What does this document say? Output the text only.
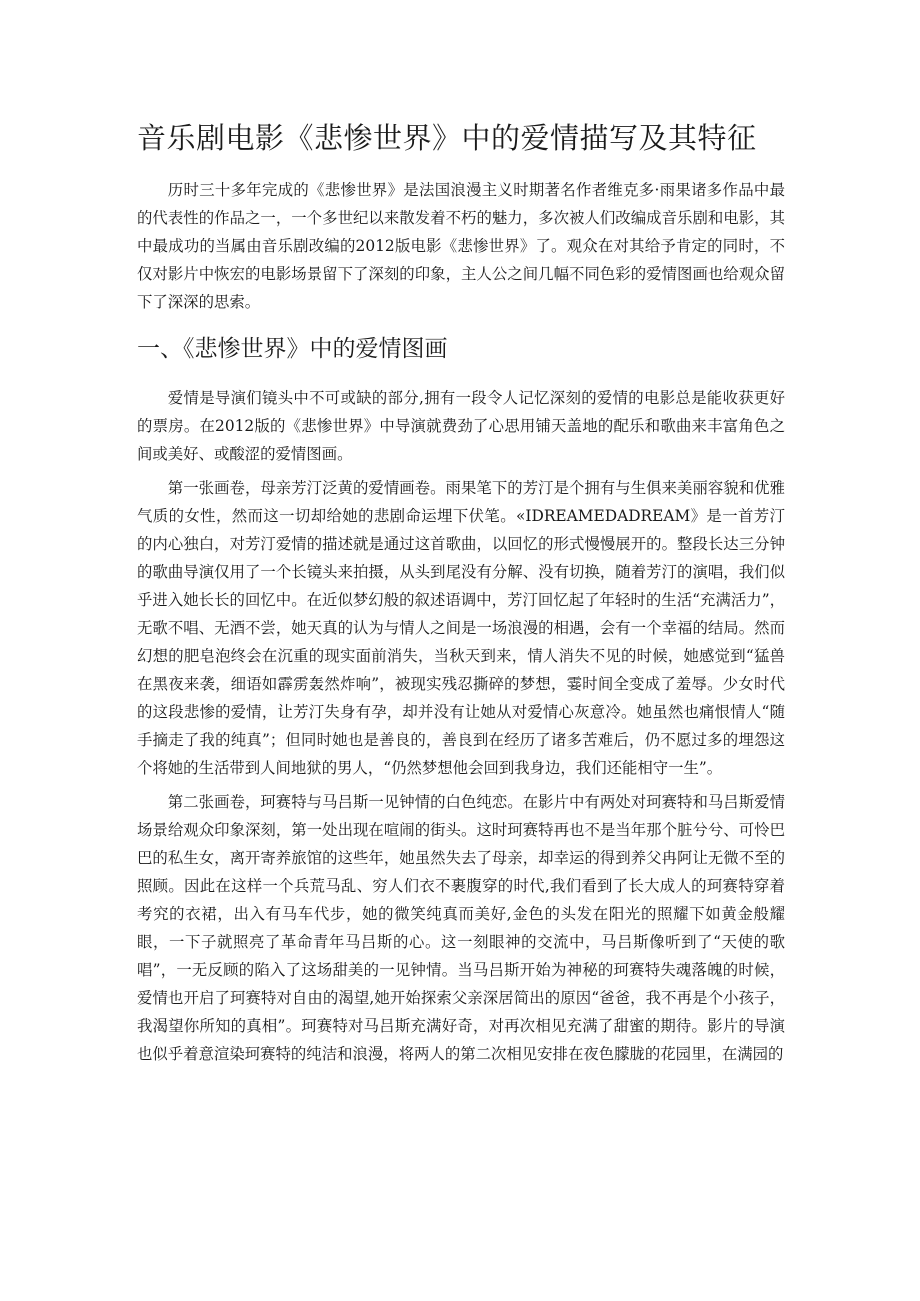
音乐剧电影《悲惨世界》中的爱情描写及其特征

历时三十多年完成的《悲惨世界》是法国浪漫主义时期著名作者维克多·雨果诸多作品中最的代表性的作品之一，一个多世纪以来散发着不朽的魅力，多次被人们改编成音乐剧和电影，其中最成功的当属由音乐剧改编的2012版电影《悲惨世界》了。观众在对其给予肯定的同时，不仅对影片中恢宏的电影场景留下了深刻的印象，主人公之间几幅不同色彩的爱情图画也给观众留下了深深的思索。

一、《悲惨世界》中的爱情图画

爱情是导演们镜头中不可或缺的部分,拥有一段令人记忆深刻的爱情的电影总是能收获更好的票房。在2012版的《悲惨世界》中导演就费劲了心思用铺天盖地的配乐和歌曲来丰富角色之间或美好、或酸涩的爱情图画。

第一张画卷，母亲芳汀泛黄的爱情画卷。雨果笔下的芳汀是个拥有与生俱来美丽容貌和优雅气质的女性，然而这一切却给她的悲剧命运埋下伏笔。«IDREAMEDADREAM》是一首芳汀的内心独白，对芳汀爱情的描述就是通过这首歌曲，以回忆的形式慢慢展开的。整段长达三分钟的歌曲导演仅用了一个长镜头来拍摄，从头到尾没有分解、没有切换，随着芳汀的演唱，我们似乎进入她长长的回忆中。在近似梦幻般的叙述语调中，芳汀回忆起了年轻时的生活“充满活力”，无歌不唱、无酒不尝，她天真的认为与情人之间是一场浪漫的相遇，会有一个幸福的结局。然而幻想的肥皂泡终会在沉重的现实面前消失，当秋天到来，情人消失不见的时候，她感觉到“猛兽在黑夜来袭，细语如霹雳轰然炸响”，被现实残忍撕碎的梦想，霎时间全变成了羞辱。少女时代的这段悲惨的爱情，让芳汀失身有孕，却并没有让她从对爱情心灰意冷。她虽然也痛恨情人“随手摘走了我的纯真”；但同时她也是善良的，善良到在经历了诸多苦难后，仍不愿过多的埋怨这个将她的生活带到人间地狱的男人，“仍然梦想他会回到我身边，我们还能相守一生”。

第二张画卷，珂赛特与马吕斯一见钟情的白色纯恋。在影片中有两处对珂赛特和马吕斯爱情场景给观众印象深刻，第一处出现在喧闹的街头。这时珂赛特再也不是当年那个脏兮兮、可怜巴巴的私生女，离开寄养旅馆的这些年，她虽然失去了母亲，却幸运的得到养父冉阿让无微不至的照顾。因此在这样一个兵荒马乱、穷人们衣不裹腹穿的时代,我们看到了长大成人的珂赛特穿着考究的衣裙，出入有马车代步，她的微笑纯真而美好,金色的头发在阳光的照耀下如黄金般耀眼，一下子就照亮了革命青年马吕斯的心。这一刻眼神的交流中，马吕斯像听到了“天使的歌唱”，一无反顾的陷入了这场甜美的一见钟情。当马吕斯开始为神秘的珂赛特失魂落魄的时候，爱情也开启了珂赛特对自由的渴望,她开始探索父亲深居简出的原因“爸爸，我不再是个小孩子，我渴望你所知的真相”。珂赛特对马吕斯充满好奇，对再次相见充满了甜蜜的期待。影片的导演也似乎着意渲染珂赛特的纯洁和浪漫，将两人的第二次相见安排在夜色朦胧的花园里，在满园的
